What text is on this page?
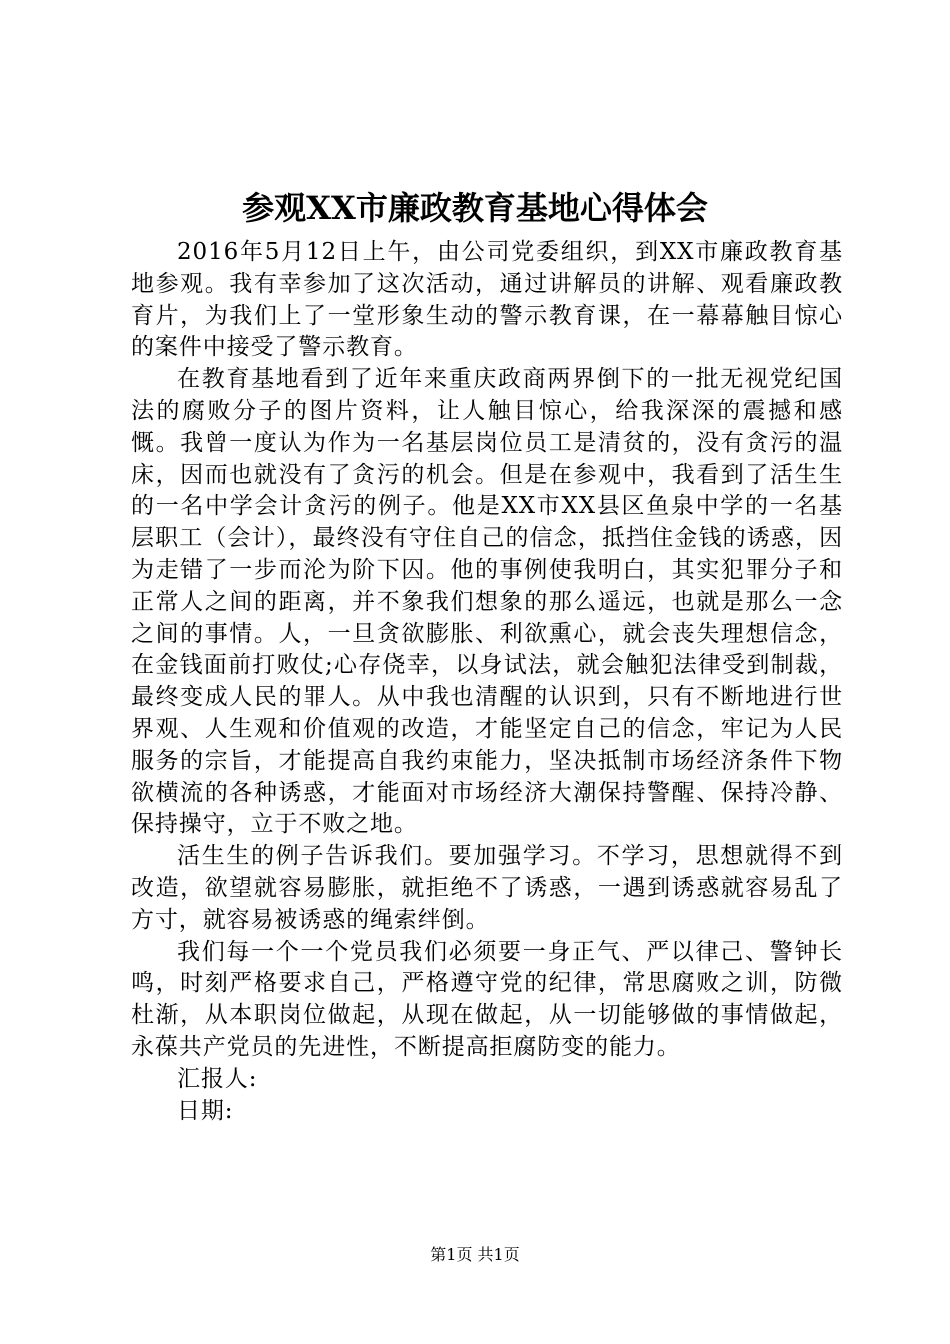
参观XX市廉政教育基地心得体会

2016年5月12日上午，由公司党委组织，到XX市廉政教育基地参观。我有幸参加了这次活动，通过讲解员的讲解、观看廉政教育片，为我们上了一堂形象生动的警示教育课，在一幕幕触目惊心的案件中接受了警示教育。

在教育基地看到了近年来重庆政商两界倒下的一批无视党纪国法的腐败分子的图片资料，让人触目惊心，给我深深的震撼和感慨。我曾一度认为作为一名基层岗位员工是清贫的，没有贪污的温床，因而也就没有了贪污的机会。但是在参观中，我看到了活生生的一名中学会计贪污的例子。他是XX市XX县区鱼泉中学的一名基层职工（会计），最终没有守住自己的信念，抵挡住金钱的诱惑，因为走错了一步而沦为阶下囚。他的事例使我明白，其实犯罪分子和正常人之间的距离，并不象我们想象的那么遥远，也就是那么一念之间的事情。人，一旦贪欲膨胀、利欲熏心，就会丧失理想信念，在金钱面前打败仗;心存侥幸，以身试法，就会触犯法律受到制裁，最终变成人民的罪人。从中我也清醒的认识到，只有不断地进行世界观、人生观和价值观的改造，才能坚定自己的信念，牢记为人民服务的宗旨，才能提高自我约束能力，坚决抵制市场经济条件下物欲横流的各种诱惑，才能面对市场经济大潮保持警醒、保持冷静、保持操守，立于不败之地。

活生生的例子告诉我们。要加强学习。不学习，思想就得不到改造，欲望就容易膨胀，就拒绝不了诱惑，一遇到诱惑就容易乱了方寸，就容易被诱惑的绳索绊倒。

我们每一个一个党员我们必须要一身正气、严以律己、警钟长鸣，时刻严格要求自己，严格遵守党的纪律，常思腐败之训，防微杜渐，从本职岗位做起，从现在做起，从一切能够做的事情做起，永葆共产党员的先进性，不断提高拒腐防变的能力。

汇报人:

日期:

第1页 共1页
